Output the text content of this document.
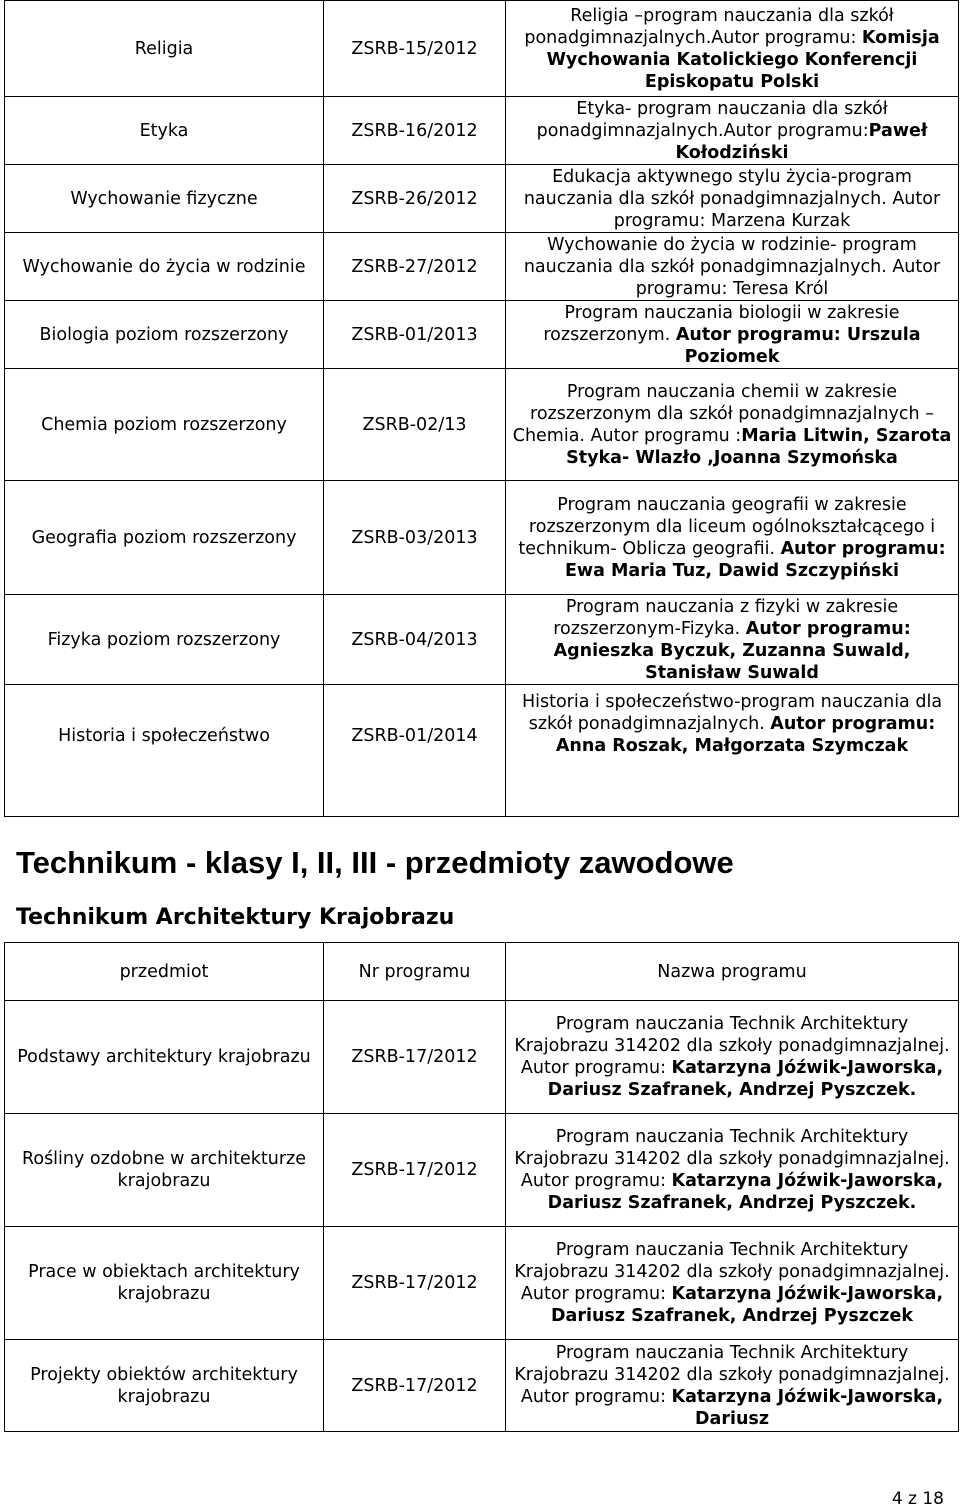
Religia	ZSRB-15/2012	Religia –program nauczania dla szkół ponadgimnazjalnych.Autor programu: Komisja Wychowania Katolickiego Konferencji Episkopatu Polski
Etyka	ZSRB-16/2012	Etyka- program nauczania dla szkół ponadgimnazjalnych.Autor programu:Paweł Kołodziński
Wychowanie fizyczne	ZSRB-26/2012	Edukacja aktywnego stylu życia-program nauczania dla szkół ponadgimnazjalnych. Autor programu: Marzena Kurzak
Wychowanie do życia w rodzinie	ZSRB-27/2012	Wychowanie do życia w rodzinie- program nauczania dla szkół ponadgimnazjalnych. Autor programu: Teresa Król
Biologia poziom rozszerzony	ZSRB-01/2013	Program nauczania biologii w zakresie rozszerzonym. Autor programu: Urszula Poziomek
Chemia poziom rozszerzony	ZSRB-02/13	Program nauczania chemii w zakresie rozszerzonym dla szkół ponadgimnazjalnych –Chemia. Autor programu :Maria Litwin, Szarota Styka- Wlazło ,Joanna Szymońska
Geografia poziom rozszerzony	ZSRB-03/2013	Program nauczania geografii w zakresie rozszerzonym dla liceum ogólnokształcącego i technikum- Oblicza geografii. Autor programu: Ewa Maria Tuz, Dawid Szczypiński
Fizyka poziom rozszerzony	ZSRB-04/2013	Program nauczania z fizyki w zakresie rozszerzonym-Fizyka. Autor programu: Agnieszka Byczuk, Zuzanna Suwald, Stanisław Suwald
Historia i społeczeństwo	ZSRB-01/2014	Historia i społeczeństwo-program nauczania dla szkół ponadgimnazjalnych. Autor programu: Anna Roszak, Małgorzata Szymczak
Technikum - klasy I, II, III - przedmioty zawodowe
Technikum Architektury Krajobrazu
przedmiot	Nr programu	Nazwa programu
Podstawy architektury krajobrazu	ZSRB-17/2012	Program nauczania Technik Architektury Krajobrazu 314202 dla szkoły ponadgimnazjalnej. Autor programu: Katarzyna Jóźwik-Jaworska, Dariusz Szafranek, Andrzej Pyszczek.
Rośliny ozdobne w architekturze krajobrazu	ZSRB-17/2012	Program nauczania Technik Architektury Krajobrazu 314202 dla szkoły ponadgimnazjalnej. Autor programu: Katarzyna Jóźwik-Jaworska, Dariusz Szafranek, Andrzej Pyszczek.
Prace w obiektach architektury krajobrazu	ZSRB-17/2012	Program nauczania Technik Architektury Krajobrazu 314202 dla szkoły ponadgimnazjalnej. Autor programu: Katarzyna Jóźwik-Jaworska, Dariusz Szafranek, Andrzej Pyszczek
Projekty obiektów architektury krajobrazu	ZSRB-17/2012	Program nauczania Technik Architektury Krajobrazu 314202 dla szkoły ponadgimnazjalnej. Autor programu: Katarzyna Jóźwik-Jaworska, Dariusz
4 z 18
